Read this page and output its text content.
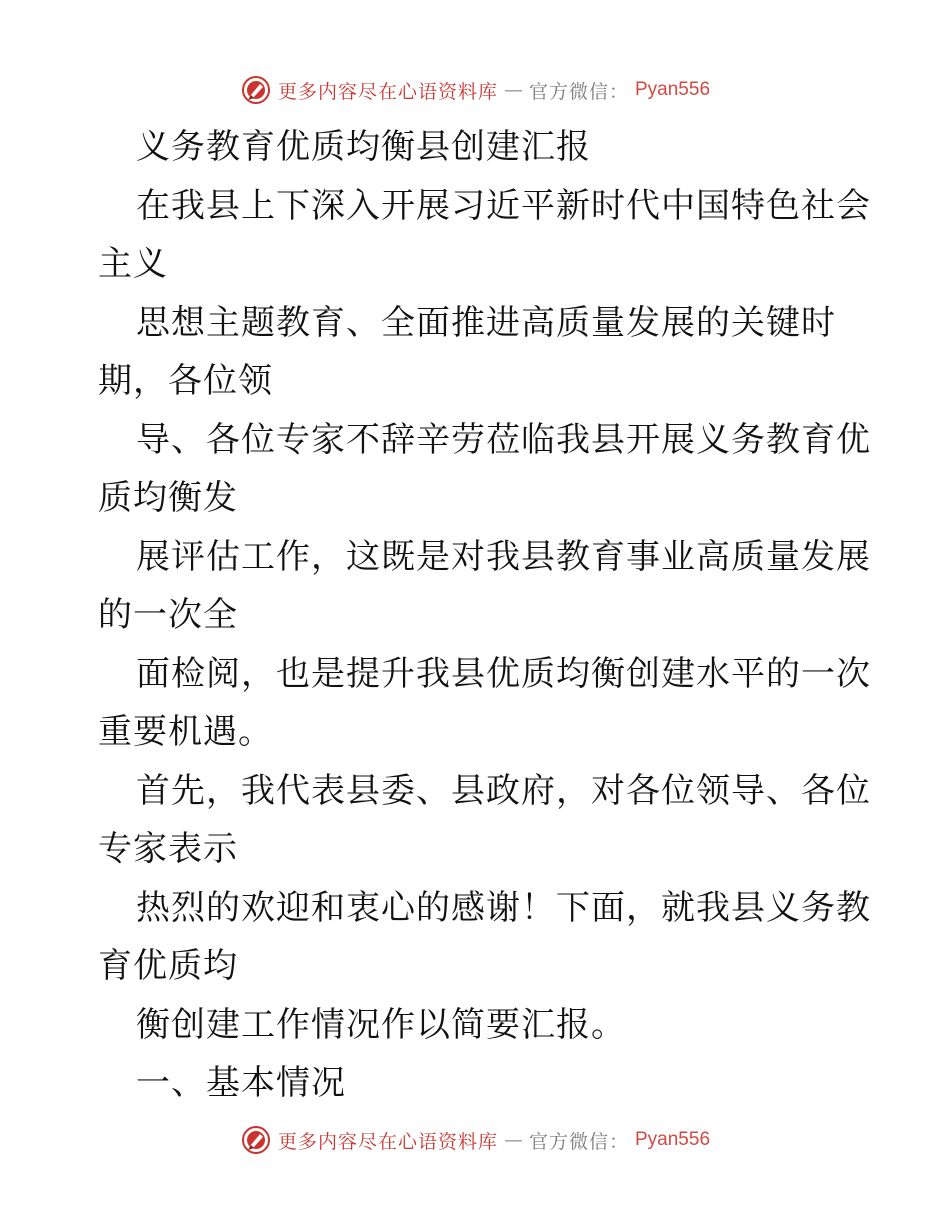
更多内容尽在心语资料库 — 官方微信： Pyan556
义务教育优质均衡县创建汇报
在我县上下深入开展习近平新时代中国特色社会
主义
思想主题教育、全面推进高质量发展的关键时
期，各位领
导、各位专家不辞辛劳莅临我县开展义务教育优
质均衡发
展评估工作，这既是对我县教育事业高质量发展
的一次全
面检阅，也是提升我县优质均衡创建水平的一次
重要机遇。
首先，我代表县委、县政府，对各位领导、各位
专家表示
热烈的欢迎和衷心的感谢！下面，就我县义务教
育优质均
衡创建工作情况作以简要汇报。
一、基本情况
更多内容尽在心语资料库 — 官方微信： Pyan556
